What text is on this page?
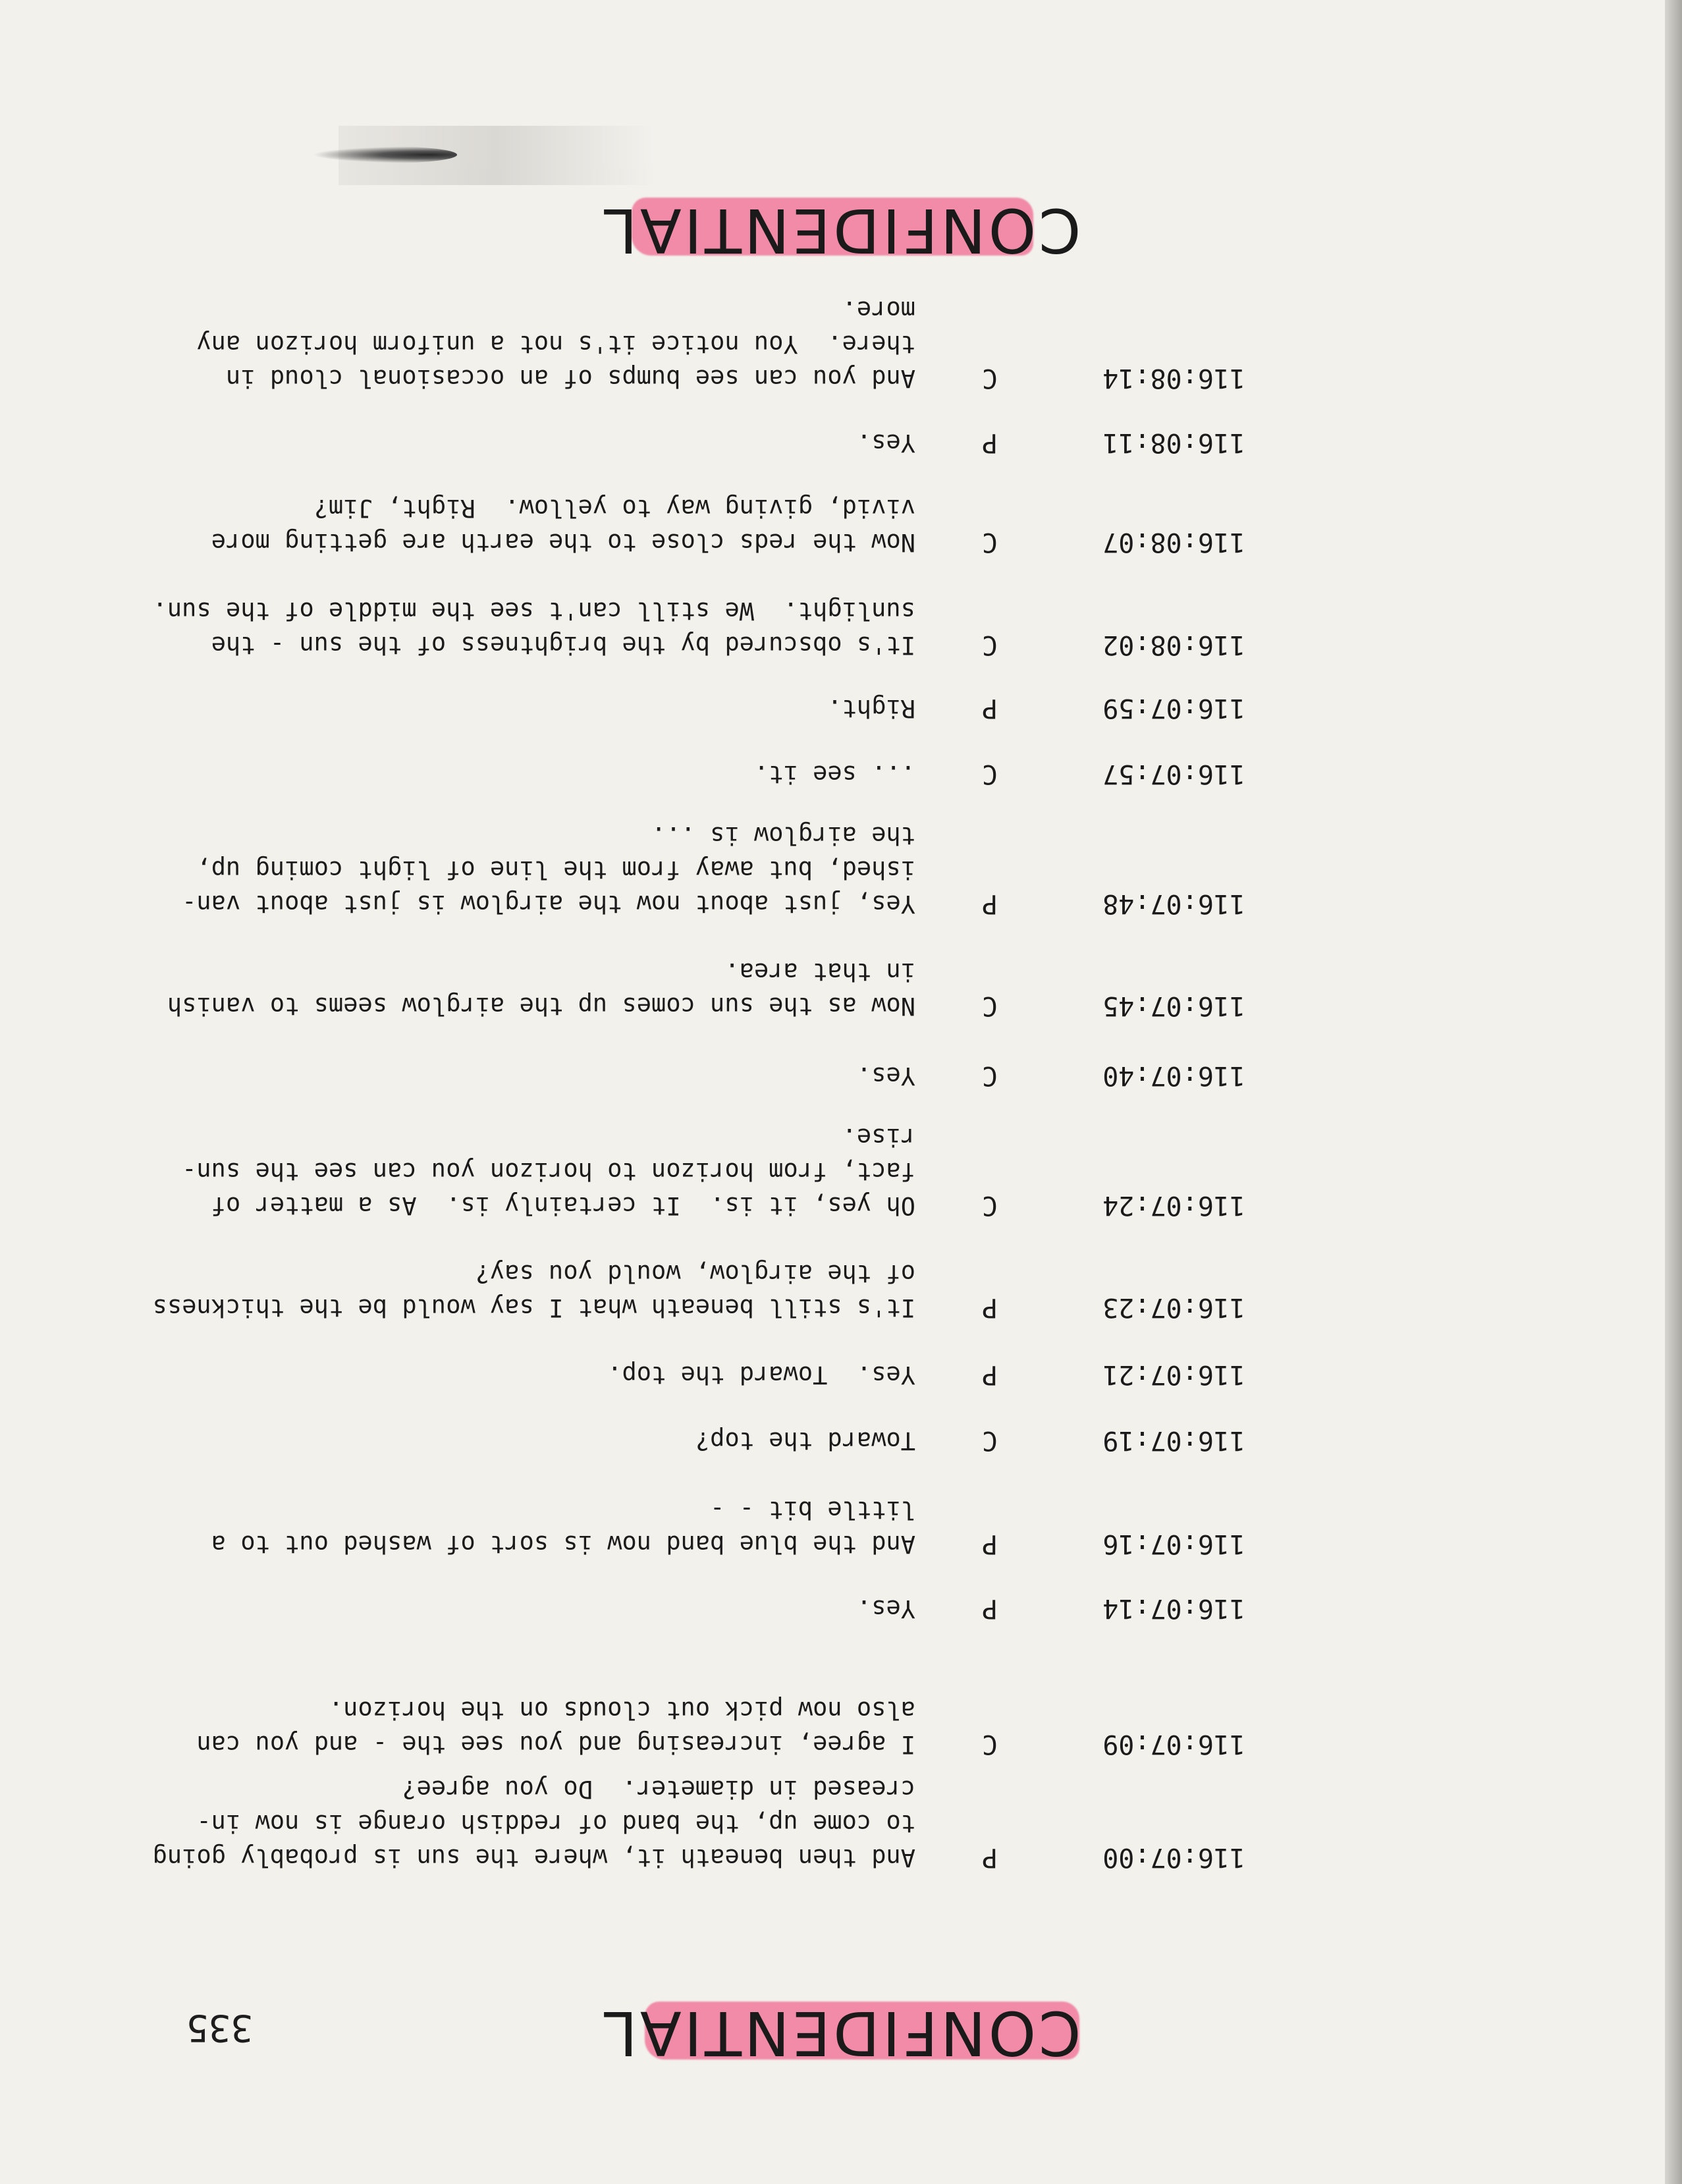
CONFIDENTIAL
335
116:07:00
P
And then beneath it, where the sun is probably going
to come up, the band of reddish orange is now in-
creased in diameter.  Do you agree?
116:07:09
C
I agree, increasing and you see the - and you can
also now pick out clouds on the horizon.
116:07:14
P
Yes.
116:07:16
P
And the blue band now is sort of washed out to a
little bit - -
116:07:19
C
Toward the top?
116:07:21
P
Yes.  Toward the top.
116:07:23
P
It's still beneath what I say would be the thickness
of the airglow, would you say?
116:07:24
C
Oh yes, it is.  It certainly is.  As a matter of
fact, from horizon to horizon you can see the sun-
rise.
116:07:40
C
Yes.
116:07:45
C
Now as the sun comes up the airglow seems to vanish
in that area.
116:07:48
P
Yes, just about now the airglow is just about van-
ished, but away from the line of light coming up,
the airglow is ...
116:07:57
C
... see it.
116:07:59
P
Right.
116:08:02
C
It's obscured by the brightness of the sun - the
sunlight.  We still can't see the middle of the sun.
116:08:07
C
Now the reds close to the earth are getting more
vivid, giving way to yellow.  Right, Jim?
116:08:11
P
Yes.
116:08:14
C
And you can see bumps of an occasional cloud in
there.  You notice it's not a uniform horizon any
more.
CONFIDENTIAL
